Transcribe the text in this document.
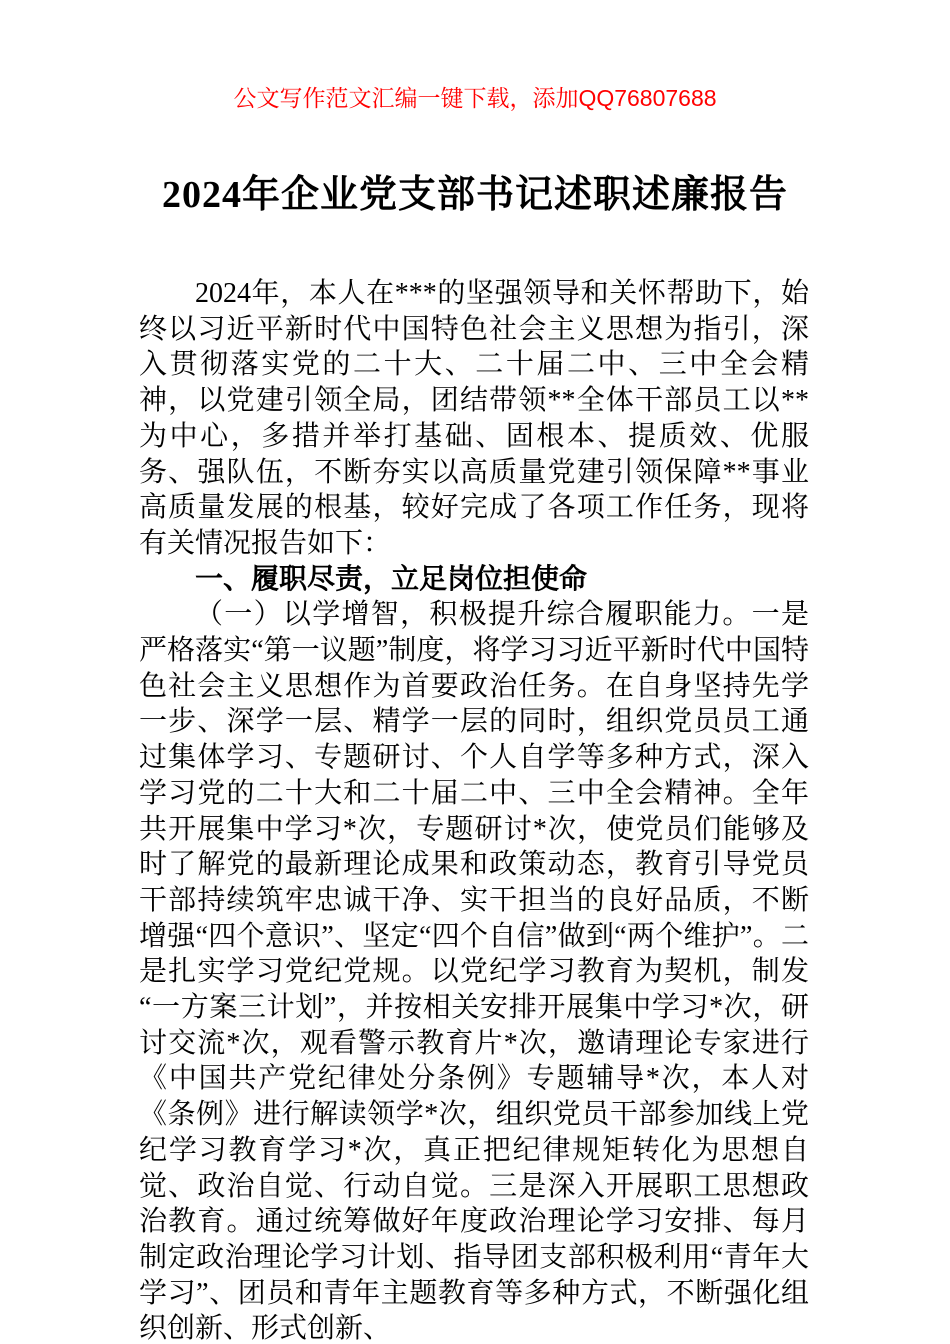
公文写作范文汇编一键下载，添加QQ76807688
2024年企业党支部书记述职述廉报告

2024年，本人在***的坚强领导和关怀帮助下，始终以习近平新时代中国特色社会主义思想为指引，深入贯彻落实党的二十大、二十届二中、三中全会精神，以党建引领全局，团结带领**全体干部员工以**为中心，多措并举打基础、固根本、提质效、优服务、强队伍，不断夯实以高质量党建引领保障**事业高质量发展的根基，较好完成了各项工作任务，现将有关情况报告如下：

一、履职尽责，立足岗位担使命

（一）以学增智，积极提升综合履职能力。一是严格落实“第一议题”制度，将学习习近平新时代中国特色社会主义思想作为首要政治任务。在自身坚持先学一步、深学一层、精学一层的同时，组织党员员工通过集体学习、专题研讨、个人自学等多种方式，深入学习党的二十大和二十届二中、三中全会精神。全年共开展集中学习*次，专题研讨*次，使党员们能够及时了解党的最新理论成果和政策动态，教育引导党员干部持续筑牢忠诚干净、实干担当的良好品质，不断增强“四个意识”、坚定“四个自信”做到“两个维护”。二是扎实学习党纪党规。以党纪学习教育为契机，制发“一方案三计划”，并按相关安排开展集中学习*次，研讨交流*次，观看警示教育片*次，邀请理论专家进行《中国共产党纪律处分条例》专题辅导*次，本人对《条例》进行解读领学*次，组织党员干部参加线上党纪学习教育学习*次，真正把纪律规矩转化为思想自觉、政治自觉、行动自觉。三是深入开展职工思想政治教育。通过统筹做好年度政治理论学习安排、每月制定政治理论学习计划、指导团支部积极利用“青年大学习”、团员和青年主题教育等多种方式，不断强化组织创新、形式创新、
